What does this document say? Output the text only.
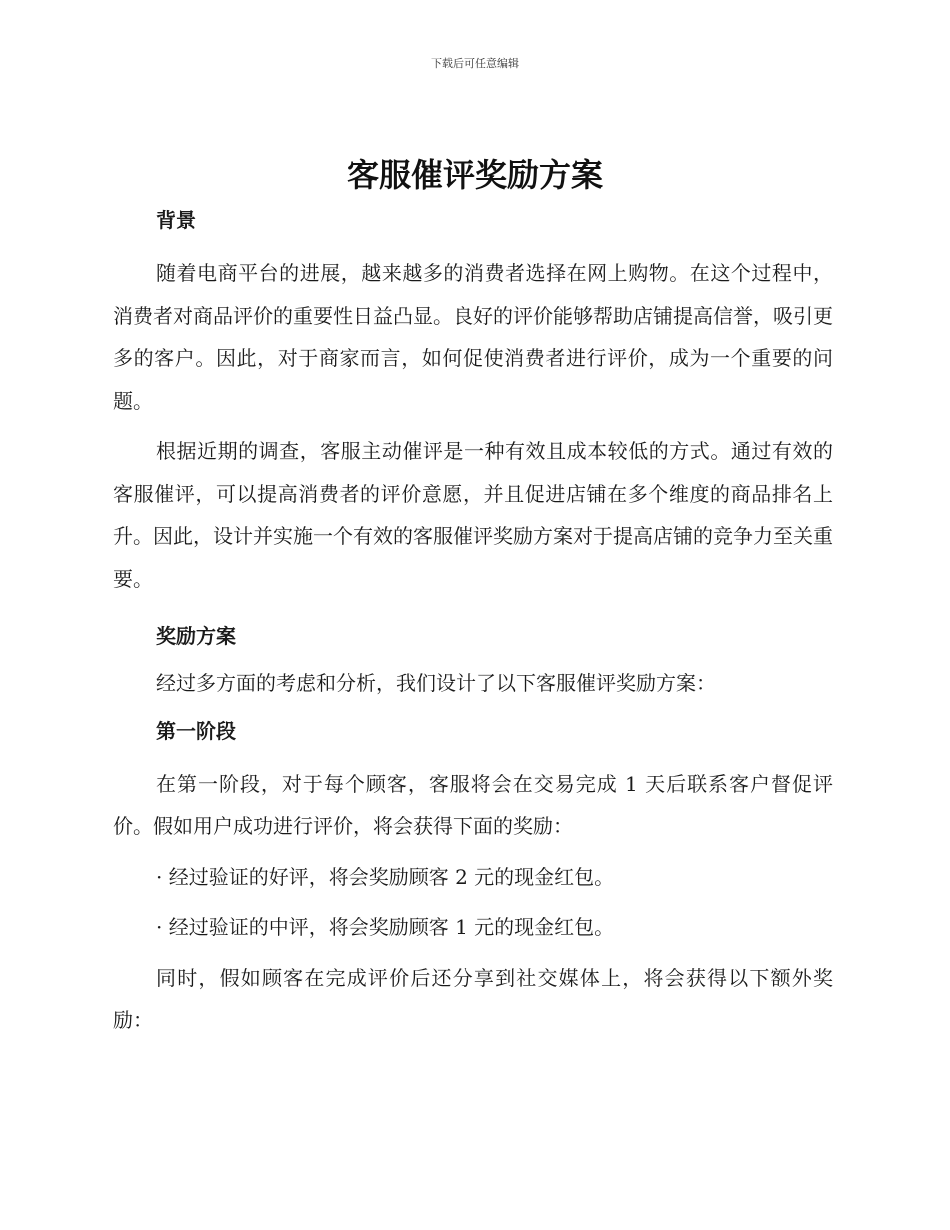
下载后可任意编辑
客服催评奖励方案

背景

随着电商平台的进展，越来越多的消费者选择在网上购物。在这个过程中，消费者对商品评价的重要性日益凸显。良好的评价能够帮助店铺提高信誉，吸引更多的客户。因此，对于商家而言，如何促使消费者进行评价，成为一个重要的问题。

根据近期的调查，客服主动催评是一种有效且成本较低的方式。通过有效的客服催评，可以提高消费者的评价意愿，并且促进店铺在多个维度的商品排名上升。因此，设计并实施一个有效的客服催评奖励方案对于提高店铺的竞争力至关重要。

奖励方案

经过多方面的考虑和分析，我们设计了以下客服催评奖励方案：

第一阶段

在第一阶段，对于每个顾客，客服将会在交易完成 1 天后联系客户督促评价。假如用户成功进行评价，将会获得下面的奖励：

· 经过验证的好评，将会奖励顾客 2 元的现金红包。

· 经过验证的中评，将会奖励顾客 1 元的现金红包。

同时，假如顾客在完成评价后还分享到社交媒体上，将会获得以下额外奖励：
